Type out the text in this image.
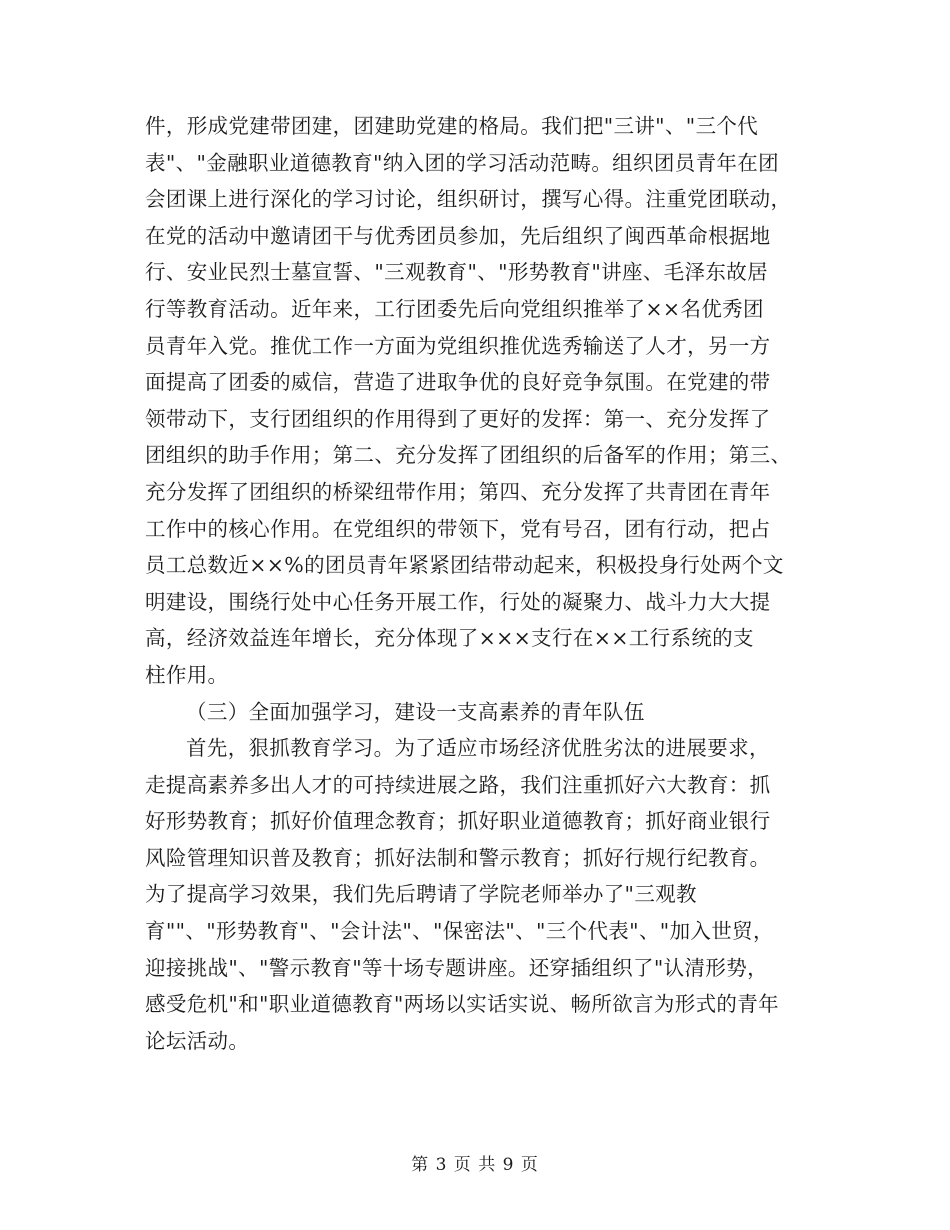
件，形成党建带团建，团建助党建的格局。我们把"三讲"、"三个代
表"、"金融职业道德教育"纳入团的学习活动范畴。组织团员青年在团
会团课上进行深化的学习讨论，组织研讨，撰写心得。注重党团联动，
在党的活动中邀请团干与优秀团员参加，先后组织了闽西革命根据地
行、安业民烈士墓宣誓、"三观教育"、"形势教育"讲座、毛泽东故居
行等教育活动。近年来，工行团委先后向党组织推举了××名优秀团
员青年入党。推优工作一方面为党组织推优选秀输送了人才，另一方
面提高了团委的威信，营造了进取争优的良好竞争氛围。在党建的带
领带动下，支行团组织的作用得到了更好的发挥：第一、充分发挥了
团组织的助手作用；第二、充分发挥了团组织的后备军的作用；第三、
充分发挥了团组织的桥梁纽带作用；第四、充分发挥了共青团在青年
工作中的核心作用。在党组织的带领下，党有号召，团有行动，把占
员工总数近××%的团员青年紧紧团结带动起来，积极投身行处两个文
明建设，围绕行处中心任务开展工作，行处的凝聚力、战斗力大大提
高，经济效益连年增长，充分体现了×××支行在××工行系统的支
柱作用。
（三）全面加强学习，建设一支高素养的青年队伍
首先，狠抓教育学习。为了适应市场经济优胜劣汰的进展要求，
走提高素养多出人才的可持续进展之路，我们注重抓好六大教育：抓
好形势教育；抓好价值理念教育；抓好职业道德教育；抓好商业银行
风险管理知识普及教育；抓好法制和警示教育；抓好行规行纪教育。
为了提高学习效果，我们先后聘请了学院老师举办了"三观教
育""、"形势教育"、"会计法"、"保密法"、"三个代表"、"加入世贸，
迎接挑战"、"警示教育"等十场专题讲座。还穿插组织了"认清形势，
感受危机"和"职业道德教育"两场以实话实说、畅所欲言为形式的青年
论坛活动。
第 3 页 共 9 页
